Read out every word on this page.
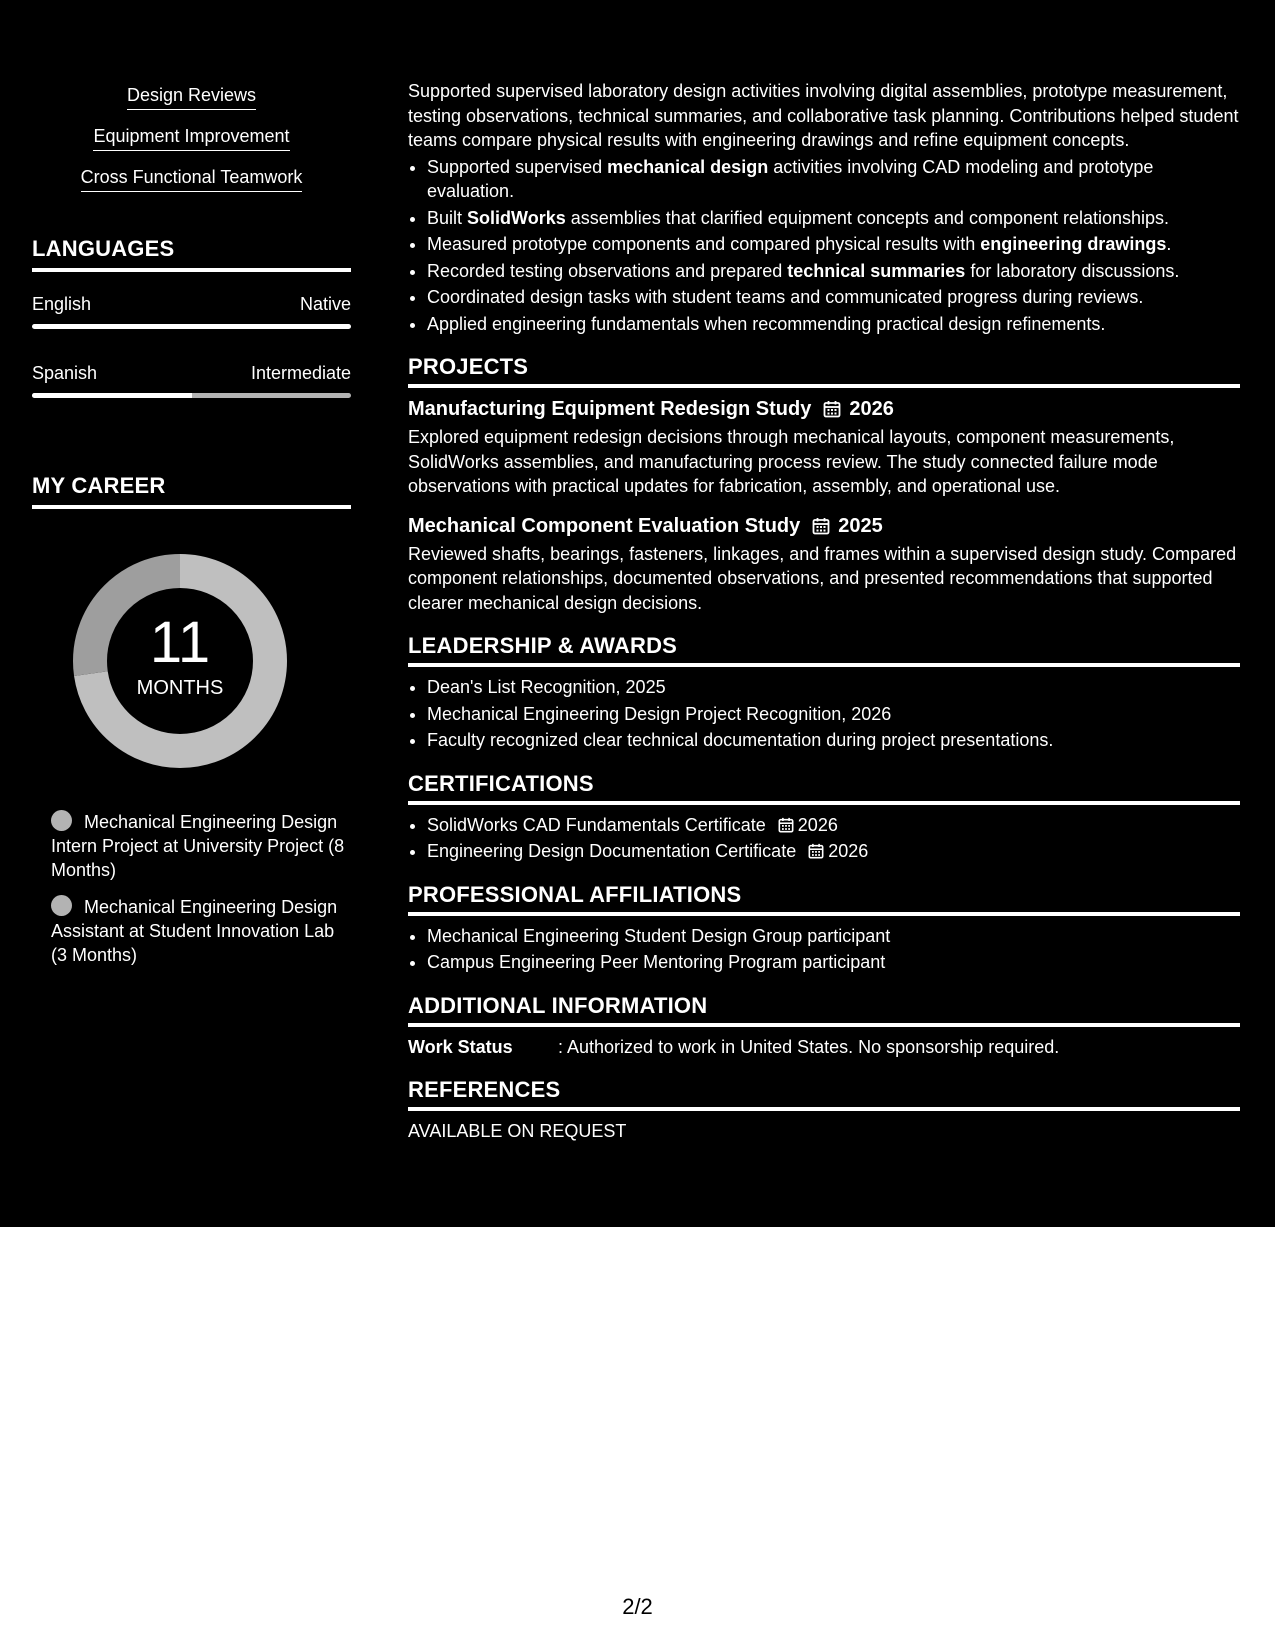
Design Reviews
Equipment Improvement
Cross Functional Teamwork
LANGUAGES
English	Native
Spanish	Intermediate
MY CAREER
11
MONTHS
Mechanical Engineering Design Intern Project at University Project (8 Months)
Mechanical Engineering Design Assistant at Student Innovation Lab (3 Months)

Supported supervised laboratory design activities involving digital assemblies, prototype measurement, testing observations, technical summaries, and collaborative task planning. Contributions helped student teams compare physical results with engineering drawings and refine equipment concepts.

• Supported supervised mechanical design activities involving CAD modeling and prototype evaluation.
• Built SolidWorks assemblies that clarified equipment concepts and component relationships.
• Measured prototype components and compared physical results with engineering drawings.
• Recorded testing observations and prepared technical summaries for laboratory discussions.
• Coordinated design tasks with student teams and communicated progress during reviews.
• Applied engineering fundamentals when recommending practical design refinements.
PROJECTS
Manufacturing Equipment Redesign Study 2026

Explored equipment redesign decisions through mechanical layouts, component measurements, SolidWorks assemblies, and manufacturing process review. The study connected failure mode observations with practical updates for fabrication, assembly, and operational use.

Mechanical Component Evaluation Study 2025

Reviewed shafts, bearings, fasteners, linkages, and frames within a supervised design study. Compared component relationships, documented observations, and presented recommendations that supported clearer mechanical design decisions.

LEADERSHIP & AWARDS
• Dean's List Recognition, 2025
• Mechanical Engineering Design Project Recognition, 2026
• Faculty recognized clear technical documentation during project presentations.
CERTIFICATIONS
• SolidWorks CAD Fundamentals Certificate 2026
• Engineering Design Documentation Certificate 2026
PROFESSIONAL AFFILIATIONS
• Mechanical Engineering Student Design Group participant
• Campus Engineering Peer Mentoring Program participant
ADDITIONAL INFORMATION
Work Status	: Authorized to work in United States. No sponsorship required.
REFERENCES
AVAILABLE ON REQUEST
2/2
